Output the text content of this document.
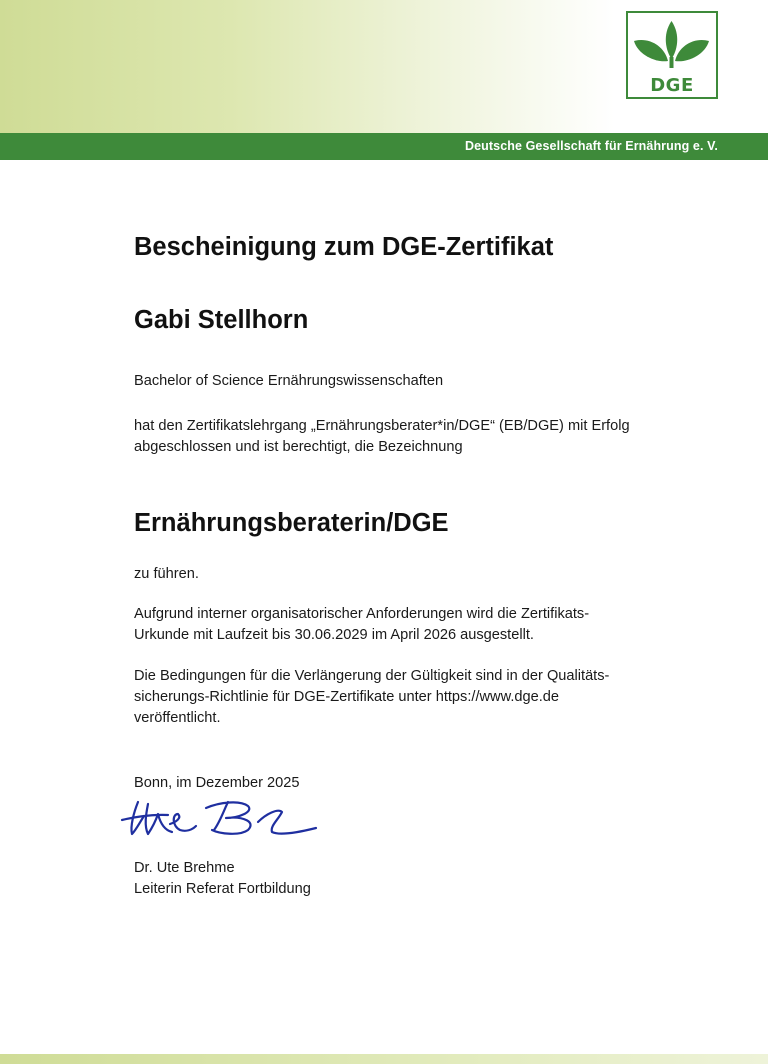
DGE
Deutsche Gesellschaft für Ernährung e. V.
Bescheinigung zum DGE-Zertifikat
Gabi Stellhorn
Bachelor of Science Ernährungswissenschaften
hat den Zertifikatslehrgang „Ernährungsberater*in/DGE“ (EB/DGE) mit Erfolg
abgeschlossen und ist berechtigt, die Bezeichnung
Ernährungsberaterin/DGE
zu führen.
Aufgrund interner organisatorischer Anforderungen wird die Zertifikats-
Urkunde mit Laufzeit bis 30.06.2029 im April 2026 ausgestellt.
Die Bedingungen für die Verlängerung der Gültigkeit sind in der Qualitäts-
sicherungs-Richtlinie für DGE-Zertifikate unter https://www.dge.de
veröffentlicht.
Bonn, im Dezember 2025
Dr. Ute Brehme
Leiterin Referat Fortbildung
